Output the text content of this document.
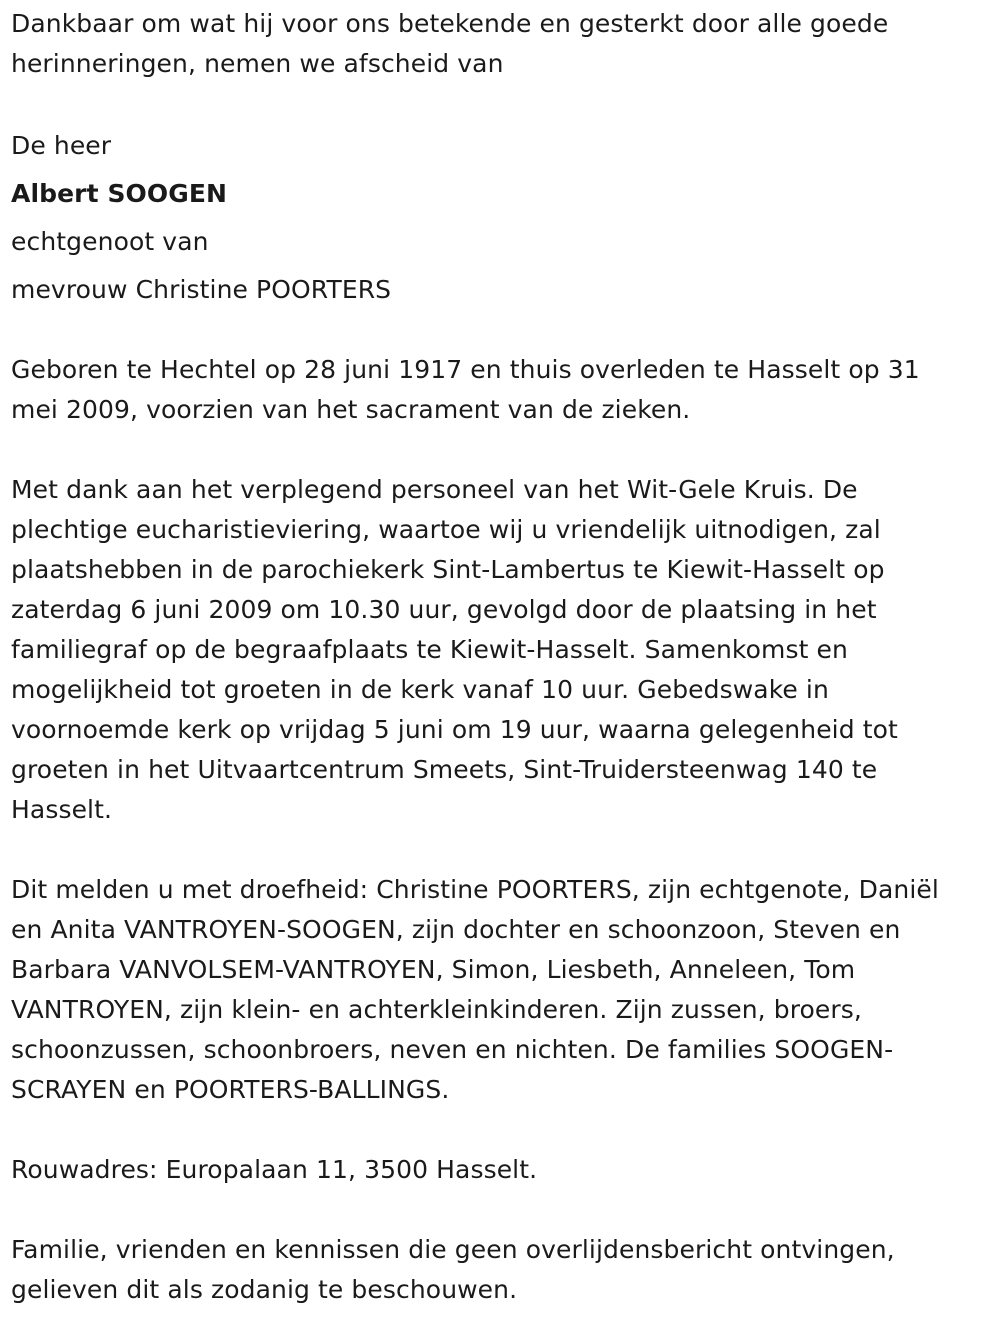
Dankbaar om wat hij voor ons betekende en gesterkt door alle goede
herinneringen, nemen we afscheid van
De heer
Albert SOOGEN
echtgenoot van
mevrouw Christine POORTERS
Geboren te Hechtel op 28 juni 1917 en thuis overleden te Hasselt op 31
mei 2009, voorzien van het sacrament van de zieken.
Met dank aan het verplegend personeel van het Wit-Gele Kruis. De
plechtige eucharistieviering, waartoe wij u vriendelijk uitnodigen, zal
plaatshebben in de parochiekerk Sint-Lambertus te Kiewit-Hasselt op
zaterdag 6 juni 2009 om 10.30 uur, gevolgd door de plaatsing in het
familiegraf op de begraafplaats te Kiewit-Hasselt. Samenkomst en
mogelijkheid tot groeten in de kerk vanaf 10 uur. Gebedswake in
voornoemde kerk op vrijdag 5 juni om 19 uur, waarna gelegenheid tot
groeten in het Uitvaartcentrum Smeets, Sint-Truidersteenwag 140 te
Hasselt.
Dit melden u met droefheid: Christine POORTERS, zijn echtgenote, Daniël
en Anita VANTROYEN-SOOGEN, zijn dochter en schoonzoon, Steven en
Barbara VANVOLSEM-VANTROYEN, Simon, Liesbeth, Anneleen, Tom
VANTROYEN, zijn klein- en achterkleinkinderen. Zijn zussen, broers,
schoonzussen, schoonbroers, neven en nichten. De families SOOGEN-
SCRAYEN en POORTERS-BALLINGS.
Rouwadres: Europalaan 11, 3500 Hasselt.
Familie, vrienden en kennissen die geen overlijdensbericht ontvingen,
gelieven dit als zodanig te beschouwen.
